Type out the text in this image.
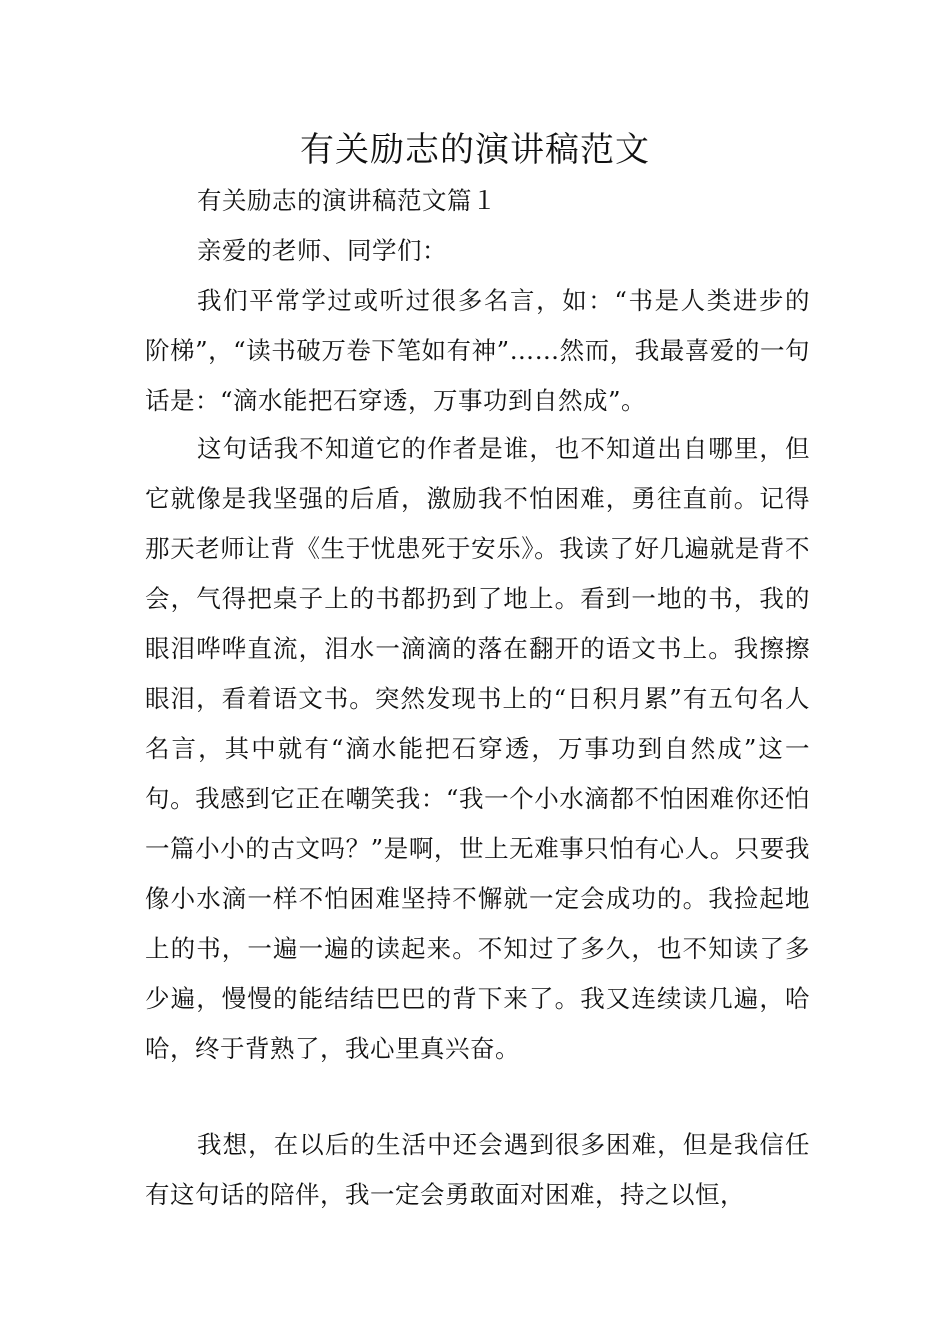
有关励志的演讲稿范文

有关励志的演讲稿范文篇１

亲爱的老师、同学们：

我们平常学过或听过很多名言，如：“书是人类进步的阶梯”，“读书破万卷下笔如有神”……然而，我最喜爱的一句话是：“滴水能把石穿透，万事功到自然成”。

这句话我不知道它的作者是谁，也不知道出自哪里，但它就像是我坚强的后盾，激励我不怕困难，勇往直前。记得那天老师让背《生于忧患死于安乐》。我读了好几遍就是背不会，气得把桌子上的书都扔到了地上。看到一地的书，我的眼泪哗哗直流，泪水一滴滴的落在翻开的语文书上。我擦擦眼泪，看着语文书。突然发现书上的“日积月累”有五句名人名言，其中就有“滴水能把石穿透，万事功到自然成”这一句。我感到它正在嘲笑我：“我一个小水滴都不怕困难你还怕一篇小小的古文吗？”是啊，世上无难事只怕有心人。只要我像小水滴一样不怕困难坚持不懈就一定会成功的。我捡起地上的书，一遍一遍的读起来。不知过了多久，也不知读了多少遍，慢慢的能结结巴巴的背下来了。我又连续读几遍，哈哈，终于背熟了，我心里真兴奋。

我想，在以后的生活中还会遇到很多困难，但是我信任有这句话的陪伴，我一定会勇敢面对困难，持之以恒，
